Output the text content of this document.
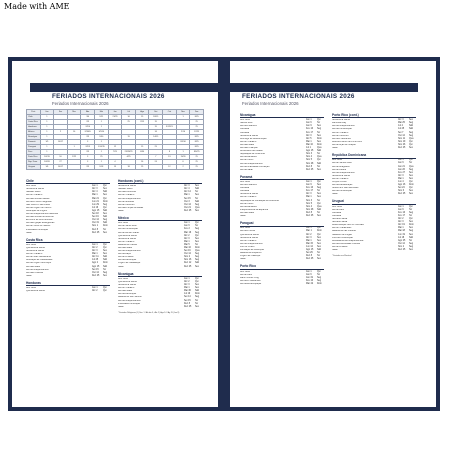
Made with AME
FERIADOS INTERNACIONAIS 2026
Feriados Internacionais 2026
País	Jan	Fev	Mar	Abr	Mai	Jun	Jul	Ago	Set	Out	Nov	Dez
Chile	1			3/4	1/21	21/29	16	15	18/19		1	8/25
Costa Rica	1			2/3	1		25	2/15	15			25
Honduras	1			2/3/4	1				15	3/12/21		25
México	1	2	16	2/3/4/5	1/5/10				16		2/16	12/25
Nicarágua	1			2/3	1/30		19		14/15			8/25
Panamá	1/9	16/17		3	1						3/5/10	8/25
Paraguai	1		1	2/3/5	1/14/15	12		15	29			8/25
Peru	1			2/3	1	7/29	23/28/29	6/30		8	1	8/9/25
Porto Rico	1/6/19	16	2/22	3	25		4/25		7	13	11/26	25
Rep. Dom.	1/6/26	27		3	1	4		16	24		6	25
Uruguai	1/6	16/17		2/3	1/18	19	18	25		12	2	25
Chile
Ano Novo	Jan 1	Qui
Sexta-feira Santa	Abr 3	Sex
Sábado Santo	Abr 4	Sáb
Dia do Trabalho	Mai 1	Sex
Dia das Glórias Navais	Mai 21	Qui
Dia dos Povos Indígenas	Jun 21	Dom
São Pedro e São Paulo	Jun 29	Seg
Dia da Virgem do Carmo	Jul 16	Qui
Assunção da Virgem	Ago 15	Sáb
Dia da Independência Nacional	Set 18	Sex
Dia das Glórias do Exército	Set 19	Sáb
Encontro de Dois Mundos	Out 12	Seg
Dia das Igrejas Evangélicas	Out 31	Sáb
Dia de Todos os Santos	Nov 1	Dom
Imaculada Conceição	Dez 8	Ter
Natal	Dez 25	Sex
Costa Rica
Ano Novo	Jan 1	Qui
Quinta-feira Santa	Abr 2	Qui
Sexta-feira Santa	Abr 3	Sex
Dia do Trabalho	Mai 1	Sex
Dia de Juan Santamaría	Abr 11	Sáb
Anexação de Guanacaste	Jul 25	Sáb
Dia da Virgem dos Anjos	Ago 2	Dom
Dia das Mães	Ago 15	Sáb
Dia da Independência	Set 15	Ter
Dia das Culturas	Out 12	Seg
Natal	Dez 25	Sex
Honduras
Ano Novo	Jan 1	Qui
Quinta-feira Santa	Abr 2	Qui
Honduras (cont.)
Sexta-feira Santa	Abr 3	Sex
Sábado Santo	Abr 4	Sáb
Dia das Américas	Abr 14	Ter
Dia do Trabalho	Mai 1	Sex
Dia da Independência	Set 15	Ter
Dia de Morazán	Out 3	Sáb
Dia de Colombo	Out 12	Seg
Dia das Forças Armadas	Out 21	Qua
Natal	Dez 25	Sex
México
Ano Novo	Jan 1	Qui
Dia de Santo Reis	Jan 6	Ter
Dia da Constituição	Fev 2	Seg
Dia de Benito Juárez	Mar 16	Seg
Quinta-feira Santa	Abr 2	Qui
Sexta-feira Santa	Abr 3	Sex
Dia do Trabalho	Mai 1	Sex
Batalha de Puebla	Mai 5	Ter
Dia das Mães	Mai 10	Dom
Dia da Independência	Set 16	Qua
Dia da Raça	Out 12	Seg
Dia de Finados	Nov 2	Seg
Dia da Revolução	Nov 16	Seg
Virgem de Guadalupe	Dez 12	Sáb
Natal	Dez 25	Sex
Nicarágua
Ano Novo	Jan 1	Qui
Quinta-feira Santa	Abr 2	Qui
Sexta-feira Santa	Abr 3	Sex
Dia do Trabalho	Mai 1	Sex
Dia das Mães	Mai 30	Sáb
Dia da Revolução	Jul 19	Dom
Batalha de San Jacinto	Set 14	Seg
Dia da Independência	Set 15	Ter
Imaculada Conceição	Dez 8	Ter
Natal	Dez 25	Sex
* Feriados Religiosos (1) Sex. 1 / Ab dia 9 ; Abr 2 | Ago 14 / Ag 15 (Jan 8)
FERIADOS INTERNACIONAIS 2026
Feriados Internacionais 2026
Nicarágua
Ano Novo	Jan 1	Qui
Santos Reis	Jan 6	Ter
Dia dos Mártires	Jan 9	Sex
Carnaval	Fev 16	Seg
Carnaval	Fev 17	Ter
Sexta-feira Santa	Abr 3	Sex
Domingo de Ressurreição	Abr 5	Dom
Dia do Trabalho	Mai 1	Sex
Dia das Mães	Mai 10	Dom
Dia das Crianças	Jul 1	Qua
Aniversário da Cidade	Ago 15	Sáb
Separação da Colômbia	Nov 3	Ter
Dia da Bandeira	Nov 4	Qua
Dia de Colón	Nov 5	Qui
Dia da Independência	Nov 28	Sáb
Dia da Imaculada Conceição	Dez 8	Ter
Dia da Natal	Dez 25	Sex
Panamá
Ano Novo	Jan 1	Qui
Dia dos Mártires	Jan 9	Sex
Carnaval	Fev 16	Seg
Carnaval	Fev 17	Ter
Sexta-feira Santa	Abr 3	Sex
Dia do Trabalho	Mai 1	Sex
Separação de Fundação da Colômbia	Nov 3	Ter
Dia de Colón	Nov 5	Qui
Dia da Bandeira	Nov 4	Qua
Independência da Espanha	Nov 28	Sáb
Dia das Mães	Dez 8	Ter
Natal	Dez 25	Sex
Paraguai
Ano Novo	Jan 1	Qui
Dia dos Heróis	Mar 1	Dom
Quinta-feira Santa	Abr 2	Qui
Sexta-feira Santa	Abr 3	Sex
Dia do Trabalho	Mai 1	Sex
Dia da Independência	Mai 15	Sex
Paz do Chaco	Jun 12	Sex
Fundação de Assunção	Ago 15	Sáb
Batalha de Boquerón	Set 29	Ter
Virgem de Caacupé	Dez 8	Ter
Natal	Dez 25	Sex
Porto Rico
Ano Novo	Jan 1	Qui
Dia de Reis	Jan 6	Ter
Martin Luther King	Jan 19	Seg
Dia dos Presidentes	Fev 16	Seg
Dia da Emancipação	Mar 22	Dom
Porto Rico (cont.)
Sexta-feira Santa	Abr 3	Sex
Memorial Day	Mai 25	Seg
Dia da Independência	Jul 4	Sáb
Dia da Constituição	Jul 25	Sáb
Dia do Trabalho	Set 7	Seg
Dia de Colombo	Out 12	Seg
Dia dos Veteranos	Nov 11	Qua
Descobrimento de Porto Rico	Nov 19	Qui
Dia de Ação de Graças	Nov 26	Qui
Natal	Dez 25	Sex
República Dominicana
Ano Novo	Jan 1	Qui
Dia de Santos Reis	Jan 6	Ter
Dia de Altagracia	Jan 21	Qua
Dia de Duarte	Jan 26	Seg
Dia da Independência	Fev 27	Sex
Sexta-feira Santa	Abr 3	Sex
Dia do Trabalho	Mai 1	Sex
Corpus Christi	Jun 4	Qui
Dia da Restauração	Ago 16	Dom
Nossa Sra. das Mercedes	Set 24	Qui
Dia da Constituição	Nov 6	Sex
Natal	Dez 25	Sex
Uruguai
Ano Novo	Jan 1	Qui
Dia de Reis	Jan 6	Ter
Carnaval	Fev 16	Seg
Carnaval	Fev 17	Ter
Semana Santa	Abr 2	Qui
Semana Santa	Abr 3	Sex
Desembarque dos 33 Orientais	Abr 19	Dom
Dia do Trabalhador	Mai 1	Sex
Batalha de Las Piedras	Mai 18	Seg
Natalício de Artigas	Jun 19	Sex
Jura da Constituição	Jul 18	Sáb
Declaratória da Independência	Ago 25	Ter
Dia da Diversidade Cultural	Out 12	Seg
Dia de Finados	Nov 2	Seg
Natal	Dez 25	Sex
* Feriados em Movável
